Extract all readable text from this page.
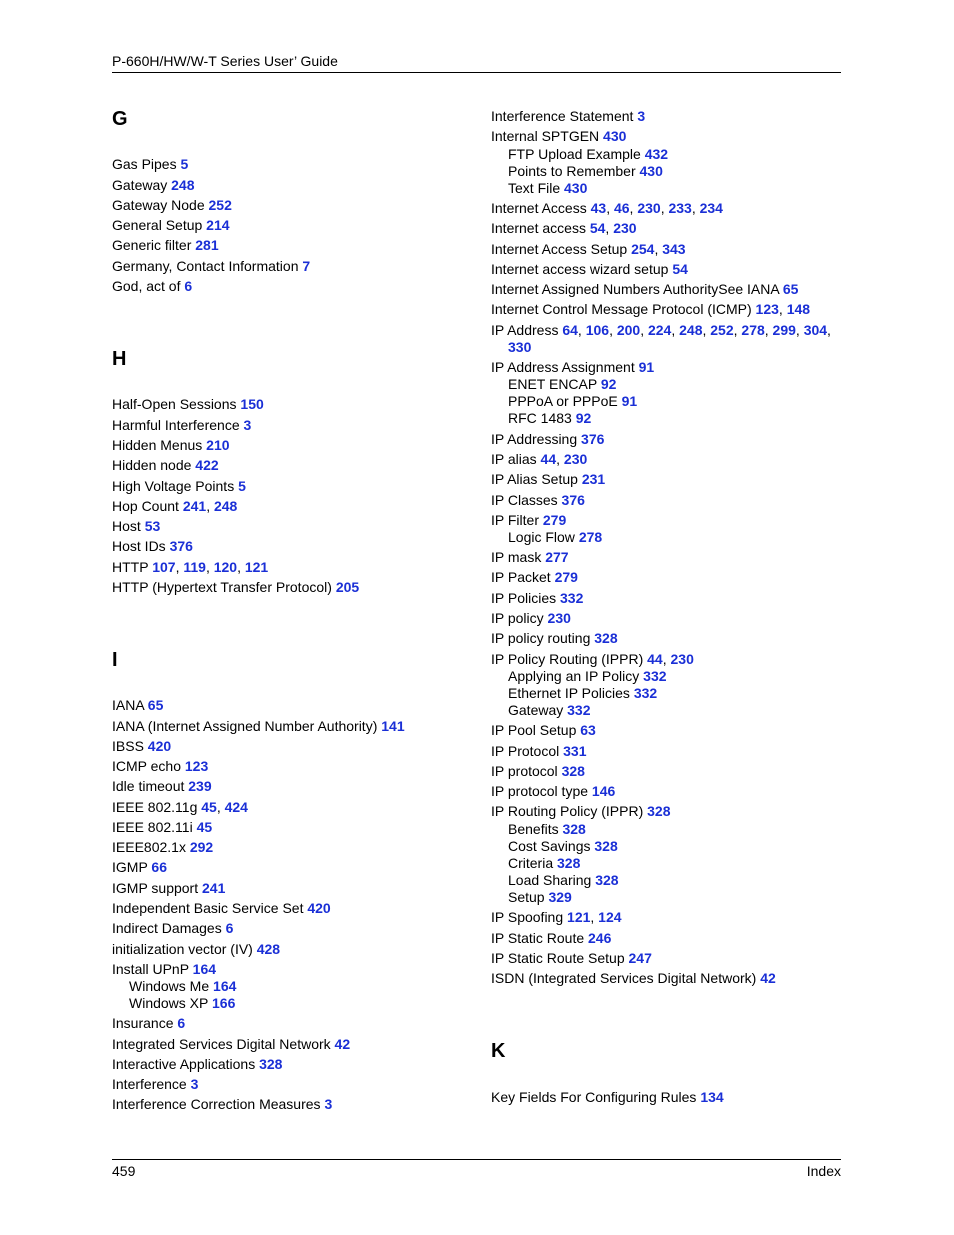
P-660H/HW/W-T Series User’ Guide
G
Gas Pipes 5
Gateway 248
Gateway Node 252
General Setup 214
Generic filter 281
Germany, Contact Information 7
God, act of 6
H
Half-Open Sessions 150
Harmful Interference 3
Hidden Menus 210
Hidden node 422
High Voltage Points 5
Hop Count 241, 248
Host 53
Host IDs 376
HTTP 107, 119, 120, 121
HTTP (Hypertext Transfer Protocol) 205
I
IANA 65
IANA (Internet Assigned Number Authority) 141
IBSS 420
ICMP echo 123
Idle timeout 239
IEEE 802.11g 45, 424
IEEE 802.11i 45
IEEE802.1x 292
IGMP 66
IGMP support 241
Independent Basic Service Set 420
Indirect Damages 6
initialization vector (IV) 428
Install UPnP 164
Windows Me 164
Windows XP 166
Insurance 6
Integrated Services Digital Network 42
Interactive Applications 328
Interference 3
Interference Correction Measures 3
Interference Statement 3
Internal SPTGEN 430
FTP Upload Example 432
Points to Remember 430
Text File 430
Internet Access 43, 46, 230, 233, 234
Internet access 54, 230
Internet Access Setup 254, 343
Internet access wizard setup 54
Internet Assigned Numbers AuthoritySee IANA 65
Internet Control Message Protocol (ICMP) 123, 148
IP Address 64, 106, 200, 224, 248, 252, 278, 299, 304,
330
IP Address Assignment 91
ENET ENCAP 92
PPPoA or PPPoE 91
RFC 1483 92
IP Addressing 376
IP alias 44, 230
IP Alias Setup 231
IP Classes 376
IP Filter 279
Logic Flow 278
IP mask 277
IP Packet 279
IP Policies 332
IP policy 230
IP policy routing 328
IP Policy Routing (IPPR) 44, 230
Applying an IP Policy 332
Ethernet IP Policies 332
Gateway 332
IP Pool Setup 63
IP Protocol 331
IP protocol 328
IP protocol type 146
IP Routing Policy (IPPR) 328
Benefits 328
Cost Savings 328
Criteria 328
Load Sharing 328
Setup 329
IP Spoofing 121, 124
IP Static Route 246
IP Static Route Setup 247
ISDN (Integrated Services Digital Network) 42
K
Key Fields For Configuring Rules 134
459	Index
